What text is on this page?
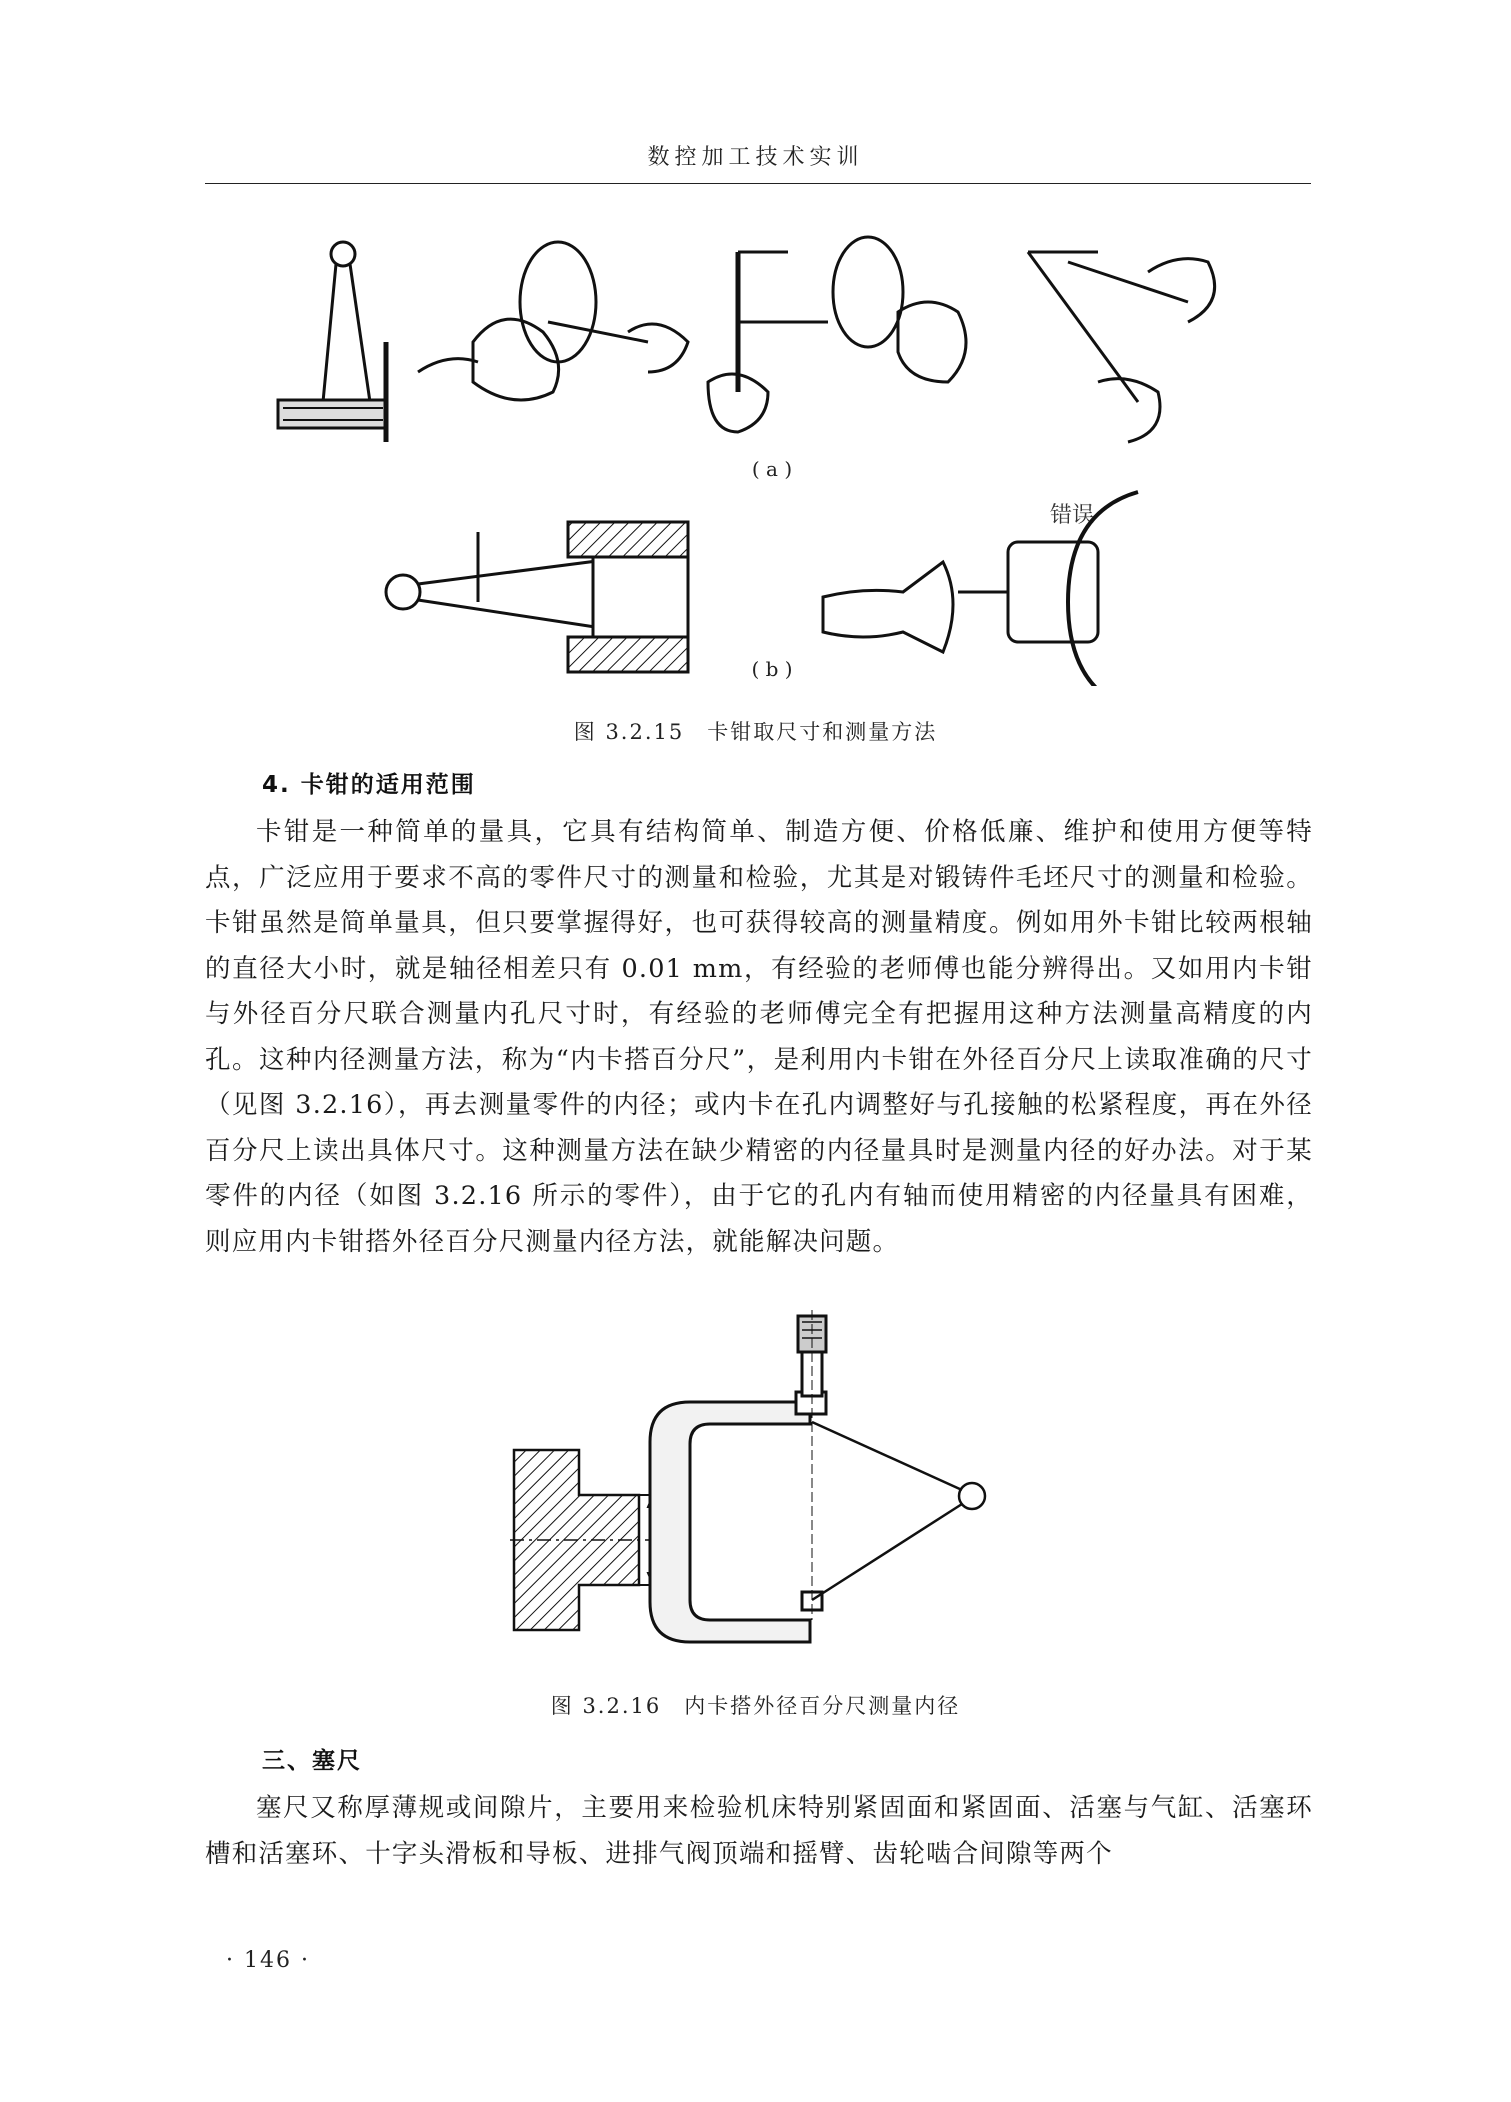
数控加工技术实训
( a )
错误
( b )
图 3.2.15　卡钳取尺寸和测量方法
4. 卡钳的适用范围

卡钳是一种简单的量具，它具有结构简单、制造方便、价格低廉、维护和使用方便等特点，广泛应用于要求不高的零件尺寸的测量和检验，尤其是对锻铸件毛坯尺寸的测量和检验。卡钳虽然是简单量具，但只要掌握得好，也可获得较高的测量精度。例如用外卡钳比较两根轴的直径大小时，就是轴径相差只有 0.01 mm，有经验的老师傅也能分辨得出。又如用内卡钳与外径百分尺联合测量内孔尺寸时，有经验的老师傅完全有把握用这种方法测量高精度的内孔。这种内径测量方法，称为“内卡搭百分尺”，是利用内卡钳在外径百分尺上读取准确的尺寸（见图 3.2.16），再去测量零件的内径；或内卡在孔内调整好与孔接触的松紧程度，再在外径百分尺上读出具体尺寸。这种测量方法在缺少精密的内径量具时是测量内径的好办法。对于某零件的内径（如图 3.2.16 所示的零件），由于它的孔内有轴而使用精密的内径量具有困难，则应用内卡钳搭外径百分尺测量内径方法，就能解决问题。

图 3.2.16　内卡搭外径百分尺测量内径
三、塞尺

塞尺又称厚薄规或间隙片，主要用来检验机床特别紧固面和紧固面、活塞与气缸、活塞环槽和活塞环、十字头滑板和导板、进排气阀顶端和摇臂、齿轮啮合间隙等两个

· 146 ·
